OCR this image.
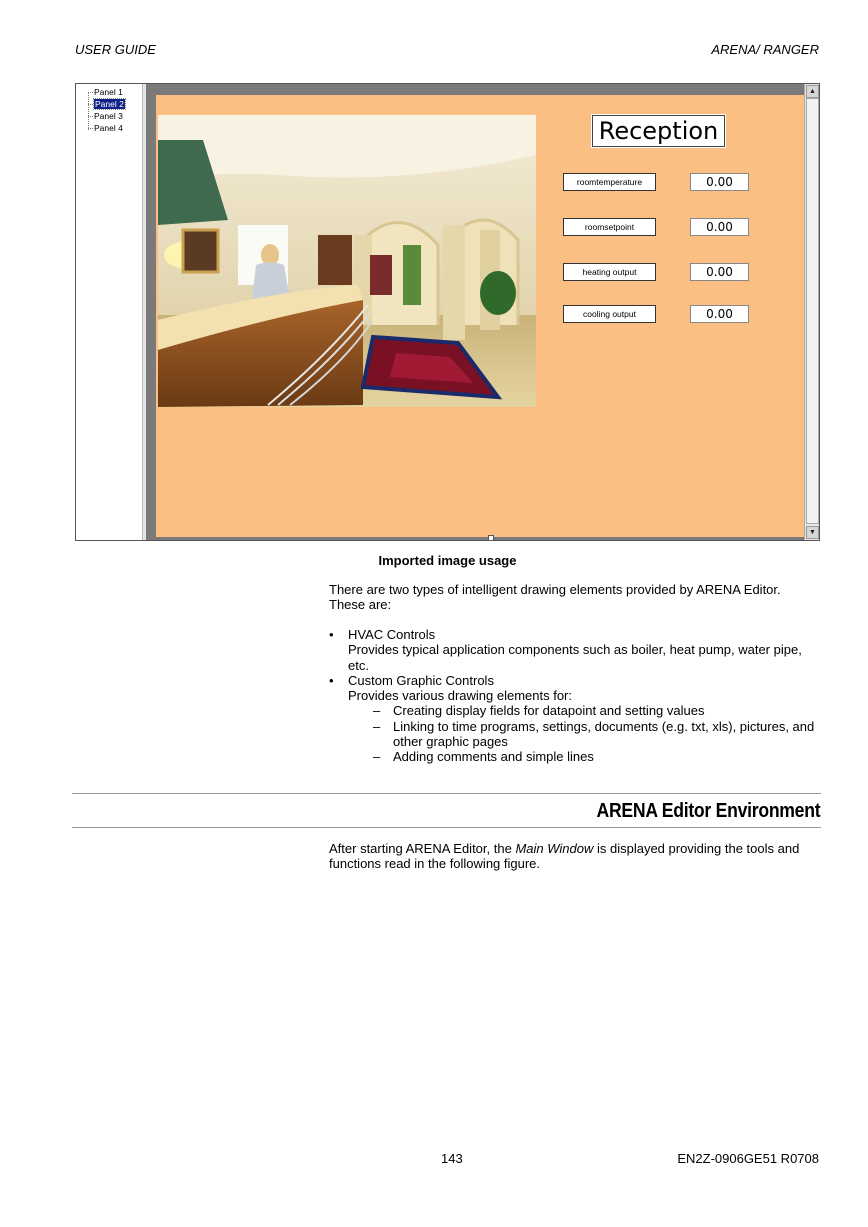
USER GUIDE	ARENA/ RANGER
Panel 1
Panel 2
Panel 3
Panel 4	Reception
roomtemperature	0.00
roomsetpoint	0.00
heating output	0.00
cooling output	0.00
▲
▼
Imported image usage
There are two types of intelligent drawing elements provided by ARENA Editor. These are:
• HVAC Controls
Provides typical application components such as boiler, heat pump, water pipe, etc.
• Custom Graphic Controls
Provides various drawing elements for:
– Creating display fields for datapoint and setting values
– Linking to time programs, settings, documents (e.g. txt, xls), pictures, and other graphic pages
– Adding comments and simple lines
ARENA Editor Environment
After starting ARENA Editor, the Main Window is displayed providing the tools and functions read in the following figure.
143	EN2Z-0906GE51 R0708
